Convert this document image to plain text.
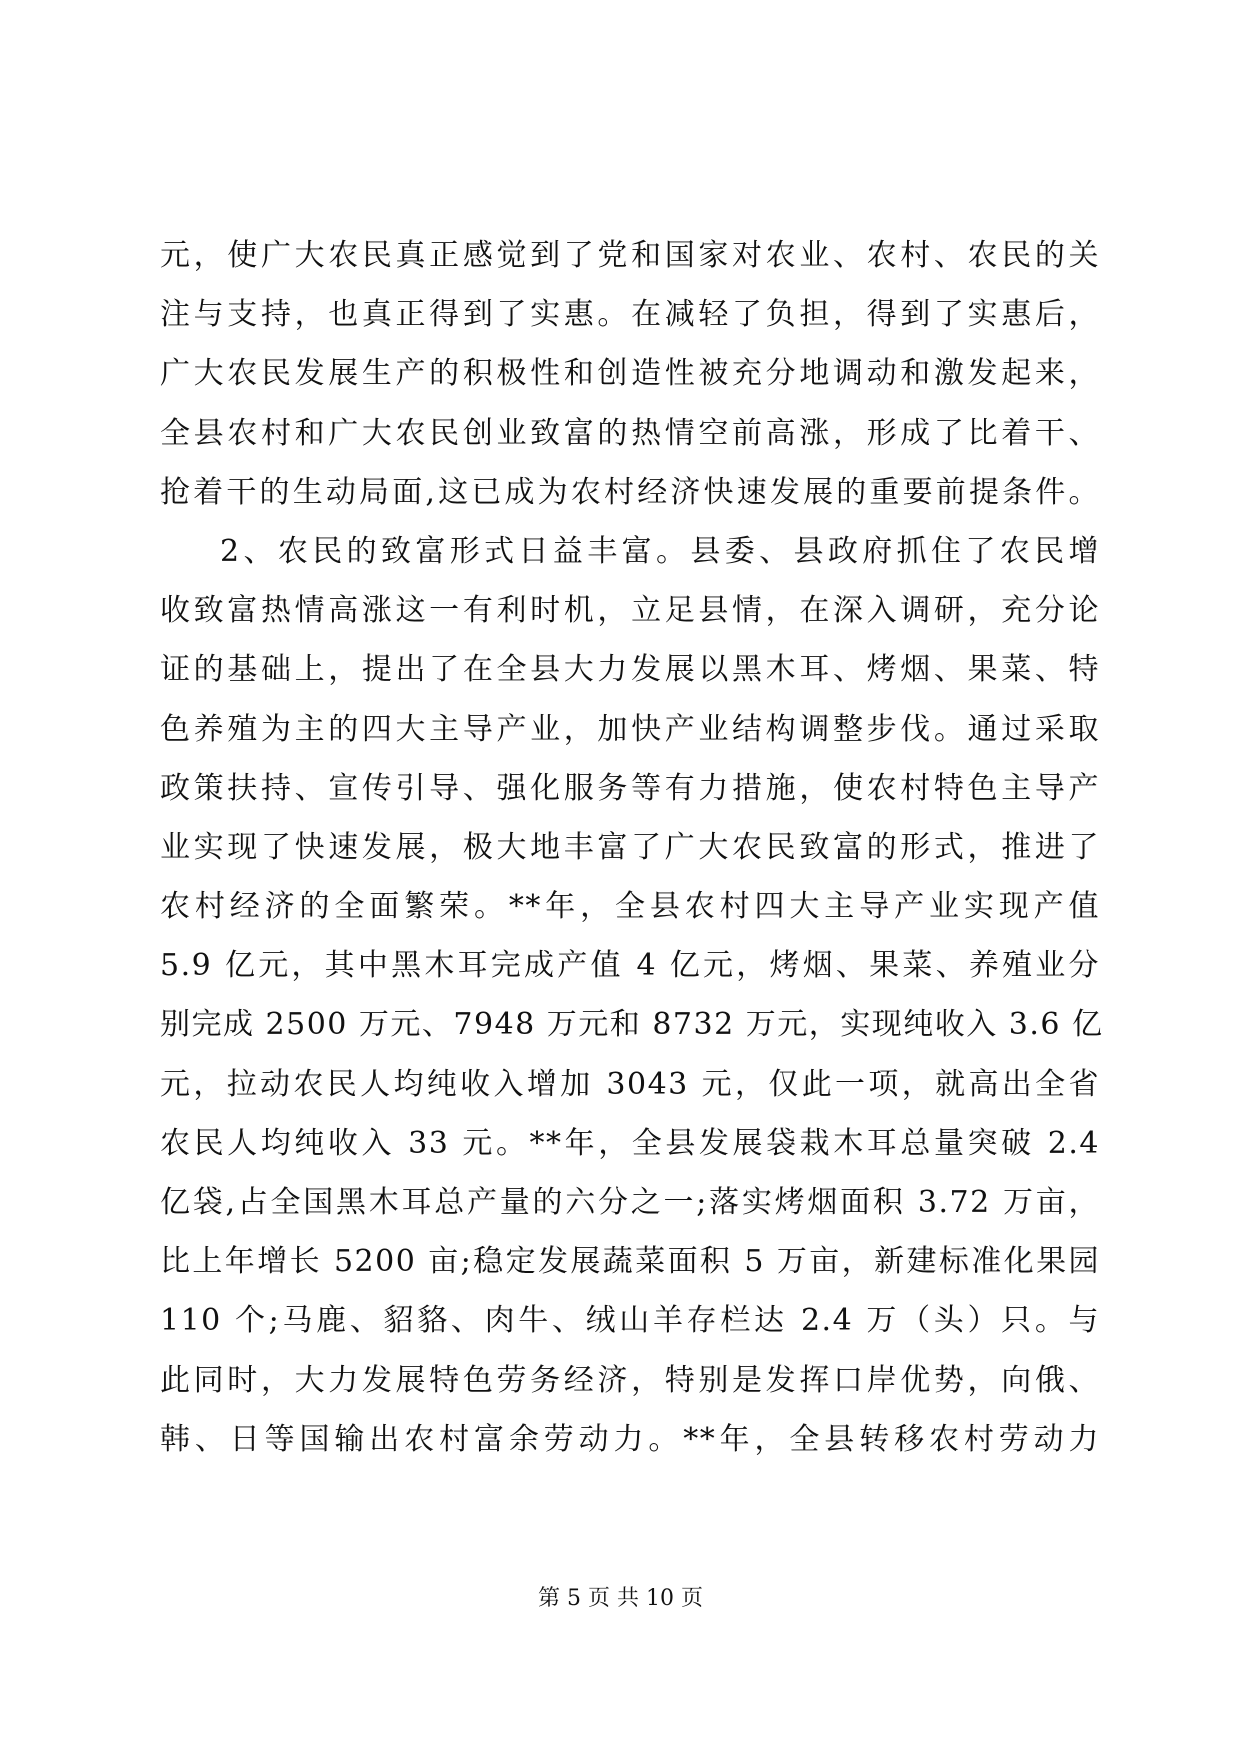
元，使广大农民真正感觉到了党和国家对农业、农村、农民的关
注与支持，也真正得到了实惠。在减轻了负担，得到了实惠后，
广大农民发展生产的积极性和创造性被充分地调动和激发起来，
全县农村和广大农民创业致富的热情空前高涨，形成了比着干、
抢着干的生动局面,这已成为农村经济快速发展的重要前提条件。
2、农民的致富形式日益丰富。县委、县政府抓住了农民增
收致富热情高涨这一有利时机，立足县情，在深入调研，充分论
证的基础上，提出了在全县大力发展以黑木耳、烤烟、果菜、特
色养殖为主的四大主导产业，加快产业结构调整步伐。通过采取
政策扶持、宣传引导、强化服务等有力措施，使农村特色主导产
业实现了快速发展，极大地丰富了广大农民致富的形式，推进了
农村经济的全面繁荣。**年，全县农村四大主导产业实现产值
5.9 亿元，其中黑木耳完成产值 4 亿元，烤烟、果菜、养殖业分
别完成 2500 万元、7948 万元和 8732 万元，实现纯收入 3.6 亿
元，拉动农民人均纯收入增加 3043 元，仅此一项，就高出全省
农民人均纯收入 33 元。**年，全县发展袋栽木耳总量突破 2.4
亿袋,占全国黑木耳总产量的六分之一;落实烤烟面积 3.72 万亩，
比上年增长 5200 亩;稳定发展蔬菜面积 5 万亩，新建标准化果园
110 个;马鹿、貂貉、肉牛、绒山羊存栏达 2.4 万（头）只。与
此同时，大力发展特色劳务经济，特别是发挥口岸优势，向俄、
韩、日等国输出农村富余劳动力。**年，全县转移农村劳动力
第 5 页 共 10 页
